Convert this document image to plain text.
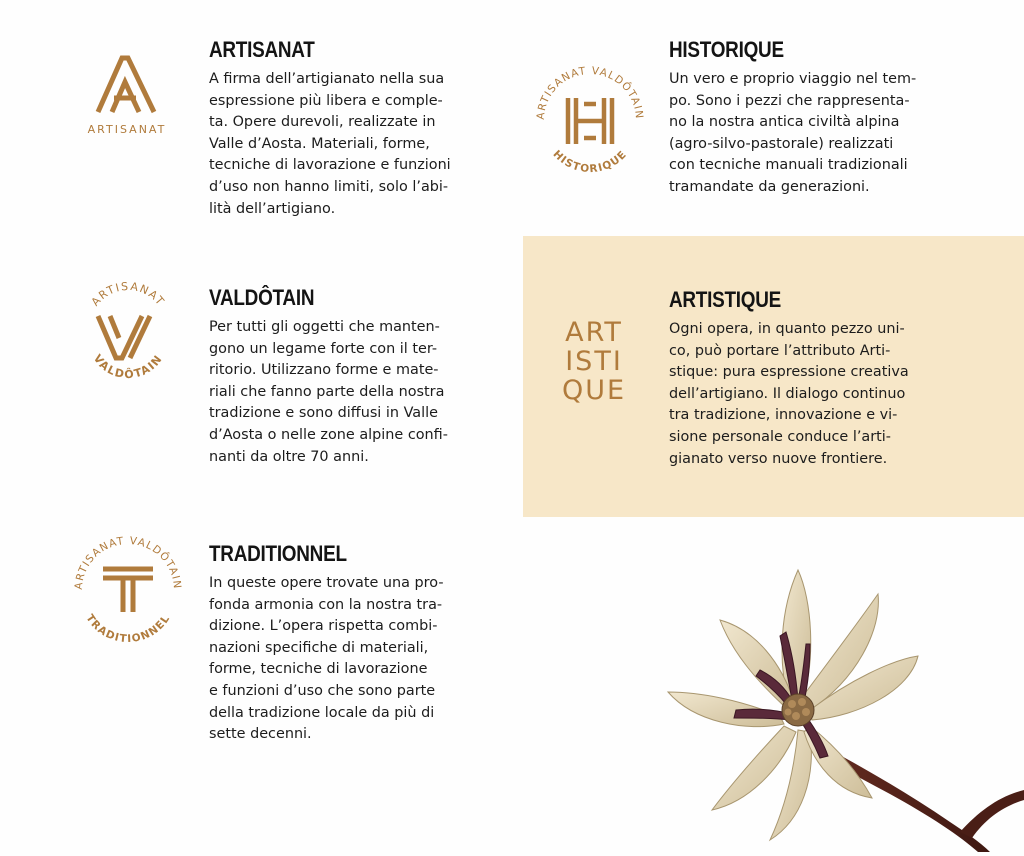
ARTISANAT
ARTISANAT

A firma dell’artigianato nella sua
espressione più libera e comple-
ta. Opere durevoli, realizzate in
Valle d’Aosta. Materiali, forme,
tecniche di lavorazione e funzioni
d’uso non hanno limiti, solo l’abi-
lità dell’artigiano.

ARTISANAT
VALDÔTAIN
VALDÔTAIN

Per tutti gli oggetti che manten-
gono un legame forte con il ter-
ritorio. Utilizzano forme e mate-
riali che fanno parte della nostra
tradizione e sono diffusi in Valle
d’Aosta o nelle zone alpine confi-
nanti da oltre 70 anni.

ARTISANAT VALDÔTAIN
TRADITIONNEL
TRADITIONNEL

In queste opere trovate una pro-
fonda armonia con la nostra tra-
dizione. L’opera rispetta combi-
nazioni specifiche di materiali,
forme, tecniche di lavorazione
e funzioni d’uso che sono parte
della tradizione locale da più di
sette decenni.

ARTISANAT VALDÔTAIN
HISTORIQUE
HISTORIQUE

Un vero e proprio viaggio nel tem-
po. Sono i pezzi che rappresenta-
no la nostra antica civiltà alpina
(agro-silvo-pastorale) realizzati
con tecniche manuali tradizionali
tramandate da generazioni.

ART
ISTI
QUE
ARTISTIQUE

Ogni opera, in quanto pezzo uni-
co, può portare l’attributo Arti-
stique: pura espressione creativa
dell’artigiano. Il dialogo continuo
tra tradizione, innovazione e vi-
sione personale conduce l’arti-
gianato verso nuove frontiere.
